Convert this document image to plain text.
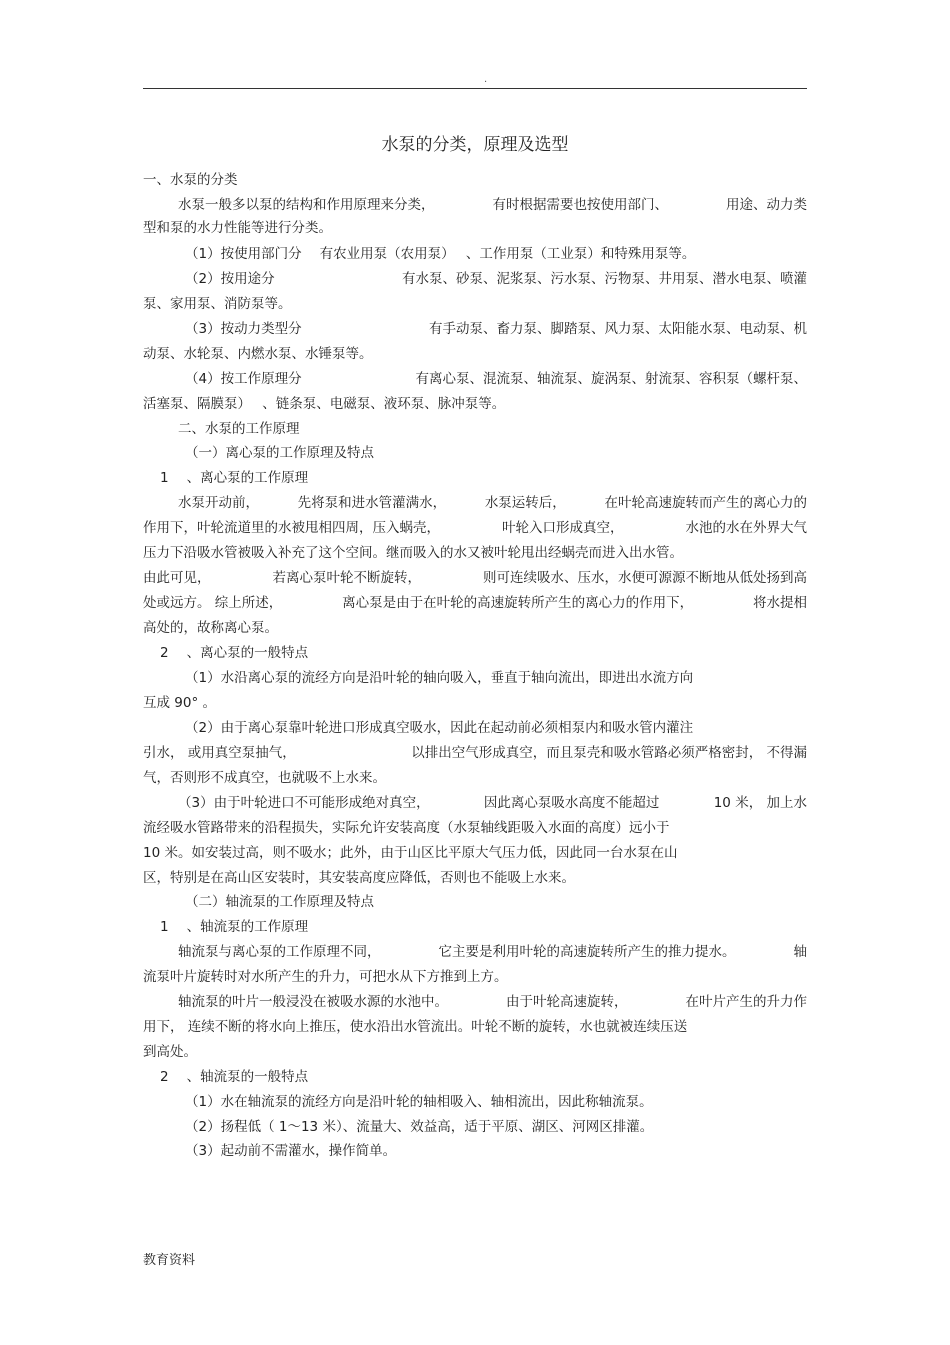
.
水泵的分类，原理及选型
一、水泵的分类
水泵一般多以泵的结构和作用原理来分类，	有时根据需要也按使用部门、	用途、动力类
型和泵的水力性能等进行分类。
（1）按使用部门分 有农业用泵（农用泵） 、工作用泵（工业泵）和特殊用泵等。
（2）按用途分	有水泵、砂泵、泥浆泵、污水泵、污物泵、井用泵、潜水电泵、喷灌
泵、家用泵、消防泵等。
（3）按动力类型分	有手动泵、畜力泵、脚踏泵、风力泵、太阳能水泵、电动泵、机
动泵、水轮泵、内燃水泵、水锤泵等。
（4）按工作原理分	有离心泵、混流泵、轴流泵、旋涡泵、射流泵、容积泵（螺杆泵、
活塞泵、隔膜泵） 、链条泵、电磁泵、液环泵、脉冲泵等。
二、水泵的工作原理
（一）离心泵的工作原理及特点
1 、离心泵的工作原理
水泵开动前，	先将泵和进水管灌满水，	水泵运转后，	在叶轮高速旋转而产生的离心力的
作用下，叶轮流道里的水被甩相四周，压入蜗壳，	叶轮入口形成真空，	水池的水在外界大气
压力下沿吸水管被吸入补充了这个空间。继而吸入的水又被叶轮甩出经蜗壳而进入出水管。
由此可见，	若离心泵叶轮不断旋转，	则可连续吸水、压水，水便可源源不断地从低处扬到高
处或远方。 综上所述，	离心泵是由于在叶轮的高速旋转所产生的离心力的作用下，	将水提相
高处的，故称离心泵。
2 、离心泵的一般特点
（1）水沿离心泵的流经方向是沿叶轮的轴向吸入，垂直于轴向流出，即进出水流方向
互成 90° 。
（2）由于离心泵靠叶轮进口形成真空吸水，因此在起动前必须相泵内和吸水管内灌注
引水， 或用真空泵抽气，	以排出空气形成真空，而且泵壳和吸水管路必须严格密封， 不得漏
气，否则形不成真空，也就吸不上水来。
（3）由于叶轮进口不可能形成绝对真空，	因此离心泵吸水高度不能超过	10 米， 加上水
流经吸水管路带来的沿程损失，实际允许安装高度（水泵轴线距吸入水面的高度）远小于
10 米。如安装过高，则不吸水；此外，由于山区比平原大气压力低，因此同一台水泵在山
区，特别是在高山区安装时，其安装高度应降低，否则也不能吸上水来。
（二）轴流泵的工作原理及特点
1 、轴流泵的工作原理
轴流泵与离心泵的工作原理不同，	它主要是利用叶轮的高速旋转所产生的推力提水。	轴
流泵叶片旋转时对水所产生的升力，可把水从下方推到上方。
轴流泵的叶片一般浸没在被吸水源的水池中。	由于叶轮高速旋转，	在叶片产生的升力作
用下， 连续不断的将水向上推压，使水沿出水管流出。叶轮不断的旋转，水也就被连续压送
到高处。
2 、轴流泵的一般特点
（1）水在轴流泵的流经方向是沿叶轮的轴相吸入、轴相流出，因此称轴流泵。
（2）扬程低（ 1～13 米）、流量大、效益高，适于平原、湖区、河网区排灌。
（3）起动前不需灌水，操作简单。
教育资料
